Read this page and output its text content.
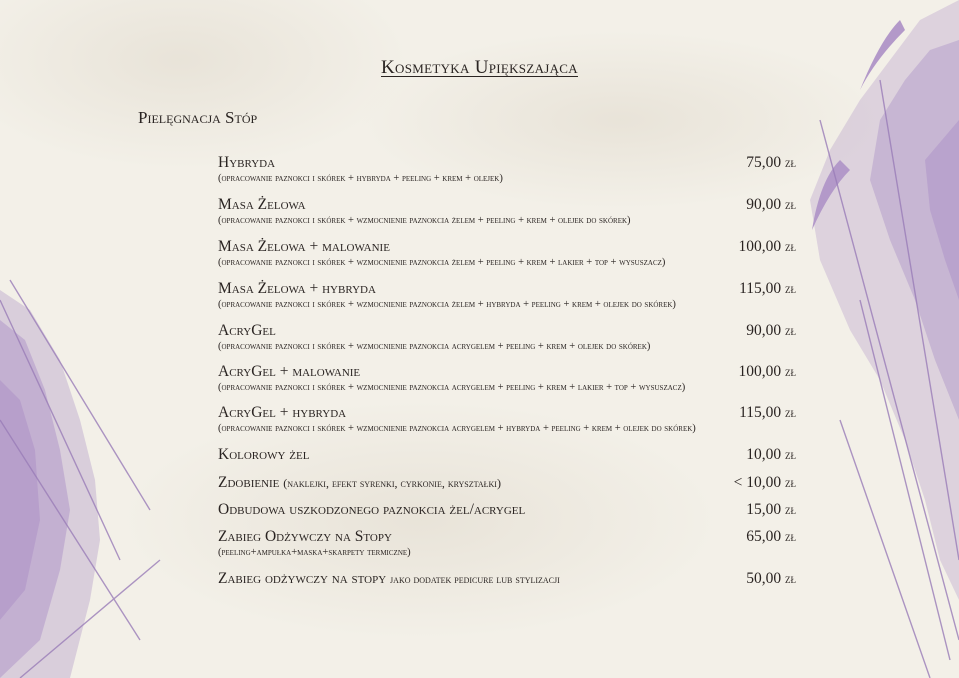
Kosmetyka Upiększająca
Pielęgnacja Stóp
Hybryda	75,00 zł
(opracowanie paznokci i skórek + hybryda + peeling + krem + olejek)
Masa Żelowa	90,00 zł
(opracowanie paznokci i skórek + wzmocnienie paznokcia żelem + peeling + krem + olejek do skórek)
Masa Żelowa + malowanie	100,00 zł
(opracowanie paznokci i skórek + wzmocnienie paznokcia żelem + peeling + krem + lakier + top + wysuszacz)
Masa Żelowa + hybryda	115,00 zł
(opracowanie paznokci i skórek + wzmocnienie paznokcia żelem + hybryda + peeling + krem + olejek do skórek)
AcryGel	90,00 zł
(opracowanie paznokci i skórek + wzmocnienie paznokcia acrygelem + peeling + krem + olejek do skórek)
AcryGel + malowanie	100,00 zł
(opracowanie paznokci i skórek + wzmocnienie paznokcia acrygelem + peeling + krem + lakier + top + wysuszacz)
AcryGel + hybryda	115,00 zł
(opracowanie paznokci i skórek + wzmocnienie paznokcia acrygelem + hybryda + peeling + krem + olejek do skórek)
Kolorowy żel	10,00 zł
Zdobienie (naklejki, efekt syrenki, cyrkonie, kryształki)	< 10,00 zł
Odbudowa uszkodzonego paznokcia żel/acrygel	15,00 zł
Zabieg Odżywczy na Stopy	65,00 zł
(peeling+ampułka+maska+skarpety termiczne)
Zabieg odżywczy na stopy jako dodatek pedicure lub stylizacji	50,00 zł
